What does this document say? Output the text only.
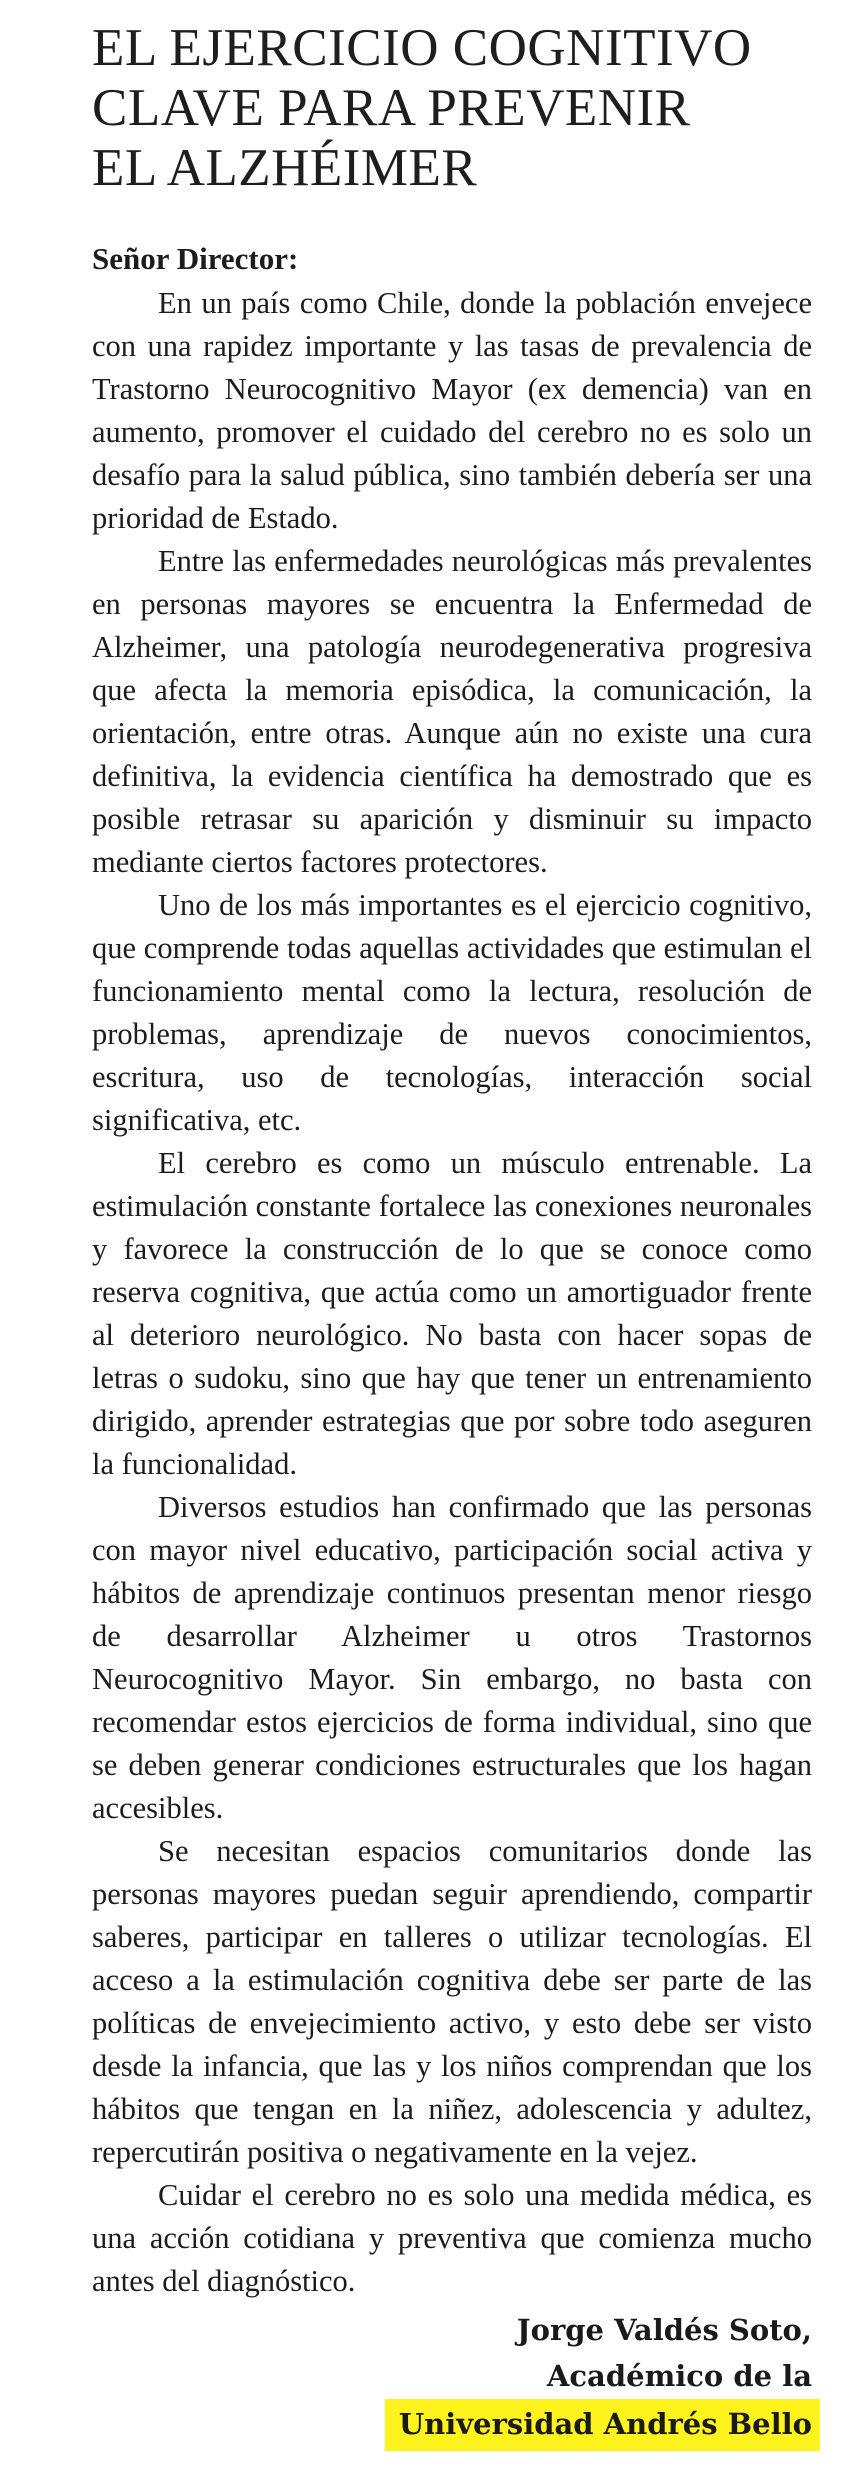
EL EJERCICIO COGNITIVO
CLAVE PARA PREVENIR
EL ALZHÉIMER

Señor Director:

En un país como Chile, donde la población envejece con una rapidez importante y las tasas de prevalencia de Trastorno Neurocognitivo Mayor (ex demencia) van en aumento, promover el cuidado del cerebro no es solo un desafío para la salud pública, sino también debería ser una prioridad de Estado.

Entre las enfermedades neurológicas más prevalentes en personas mayores se encuentra la Enfermedad de Alzheimer, una patología neurodegenerativa progresiva que afecta la memoria episódica, la comunicación, la orientación, entre otras. Aunque aún no existe una cura definitiva, la evidencia científica ha demostrado que es posible retrasar su aparición y disminuir su impacto mediante ciertos factores protectores.

Uno de los más importantes es el ejercicio cognitivo, que comprende todas aquellas actividades que estimulan el funcionamiento mental como la lectura, resolución de problemas, aprendizaje de nuevos conocimientos, escritura, uso de tecnologías, interacción social significativa, etc.

El cerebro es como un músculo entrenable. La estimulación constante fortalece las conexiones neuronales y favorece la construcción de lo que se conoce como reserva cognitiva, que actúa como un amortiguador frente al deterioro neurológico. No basta con hacer sopas de letras o sudoku, sino que hay que tener un entrenamiento dirigido, aprender estrategias que por sobre todo aseguren la funcionalidad.

Diversos estudios han confirmado que las personas con mayor nivel educativo, participación social activa y hábitos de aprendizaje continuos presentan menor riesgo de desarrollar Alzheimer u otros Trastornos Neurocognitivo Mayor. Sin embargo, no basta con recomendar estos ejercicios de forma individual, sino que se deben generar condiciones estructurales que los hagan accesibles.

Se necesitan espacios comunitarios donde las personas mayores puedan seguir aprendiendo, compartir saberes, participar en talleres o utilizar tecnologías. El acceso a la estimulación cognitiva debe ser parte de las políticas de envejecimiento activo, y esto debe ser visto desde la infancia, que las y los niños comprendan que los hábitos que tengan en la niñez, adolescencia y adultez, repercutirán positiva o negativamente en la vejez.

Cuidar el cerebro no es solo una medida médica, es una acción cotidiana y preventiva que comienza mucho antes del diagnóstico.

Jorge Valdés Soto,
Académico de la
Universidad Andrés Bello
